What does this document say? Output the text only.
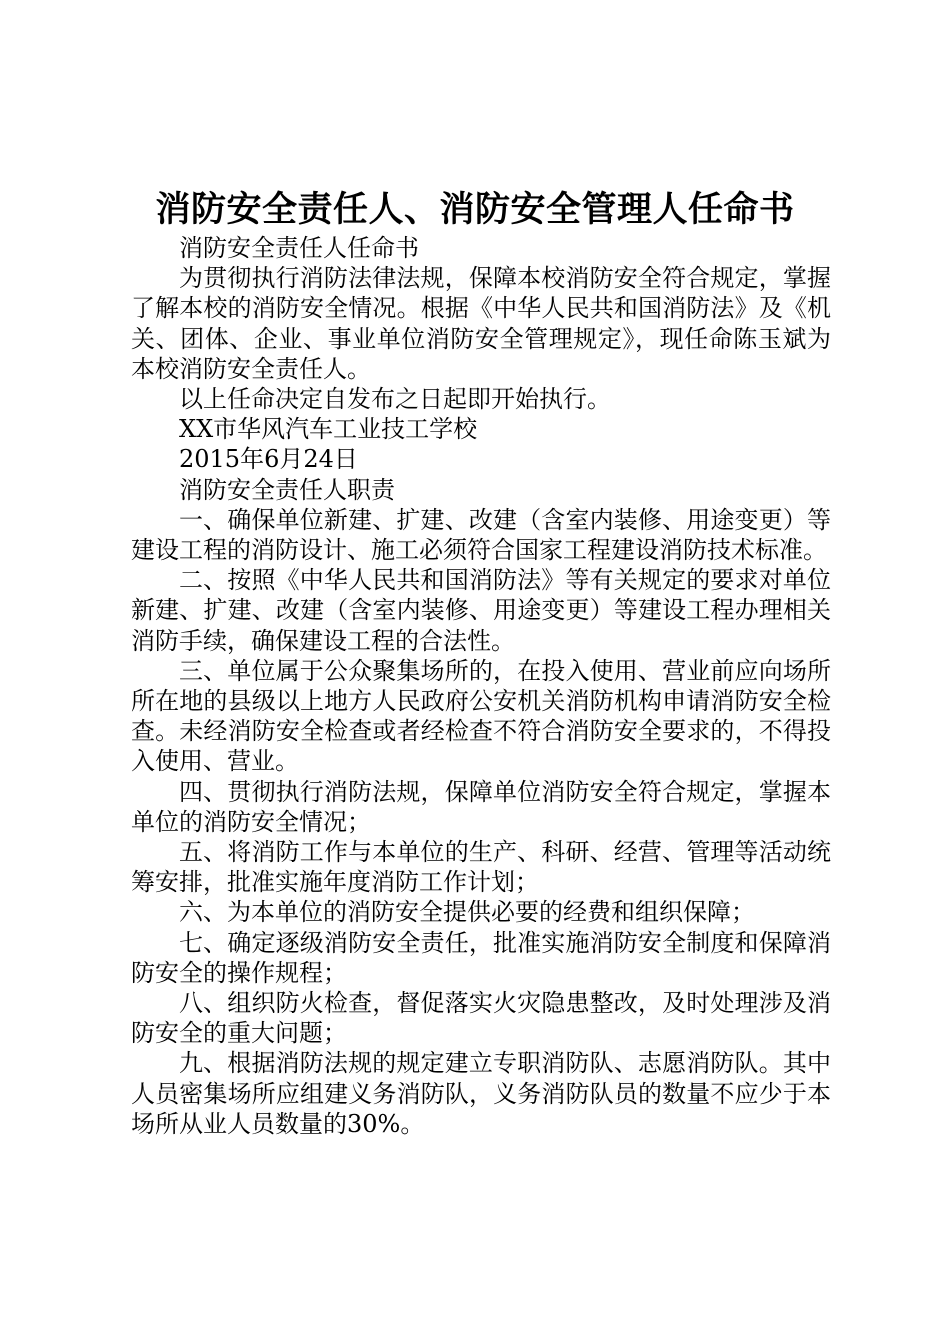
消防安全责任人、消防安全管理人任命书

消防安全责任人任命书

为贯彻执行消防法律法规，保障本校消防安全符合规定，掌握了解本校的消防安全情况。根据《中华人民共和国消防法》及《机关、团体、企业、事业单位消防安全管理规定》，现任命陈玉斌为本校消防安全责任人。

以上任命决定自发布之日起即开始执行。

XX市华风汽车工业技工学校

2015年6月24日

消防安全责任人职责

一、确保单位新建、扩建、改建（含室内装修、用途变更）等建设工程的消防设计、施工必须符合国家工程建设消防技术标准。

二、按照《中华人民共和国消防法》等有关规定的要求对单位新建、扩建、改建（含室内装修、用途变更）等建设工程办理相关消防手续，确保建设工程的合法性。

三、单位属于公众聚集场所的，在投入使用、营业前应向场所所在地的县级以上地方人民政府公安机关消防机构申请消防安全检查。未经消防安全检查或者经检查不符合消防安全要求的，不得投入使用、营业。

四、贯彻执行消防法规，保障单位消防安全符合规定，掌握本单位的消防安全情况；

五、将消防工作与本单位的生产、科研、经营、管理等活动统筹安排，批准实施年度消防工作计划；

六、为本单位的消防安全提供必要的经费和组织保障；

七、确定逐级消防安全责任，批准实施消防安全制度和保障消防安全的操作规程；

八、组织防火检查，督促落实火灾隐患整改，及时处理涉及消防安全的重大问题；

九、根据消防法规的规定建立专职消防队、志愿消防队。其中人员密集场所应组建义务消防队，义务消防队员的数量不应少于本场所从业人员数量的30%。
